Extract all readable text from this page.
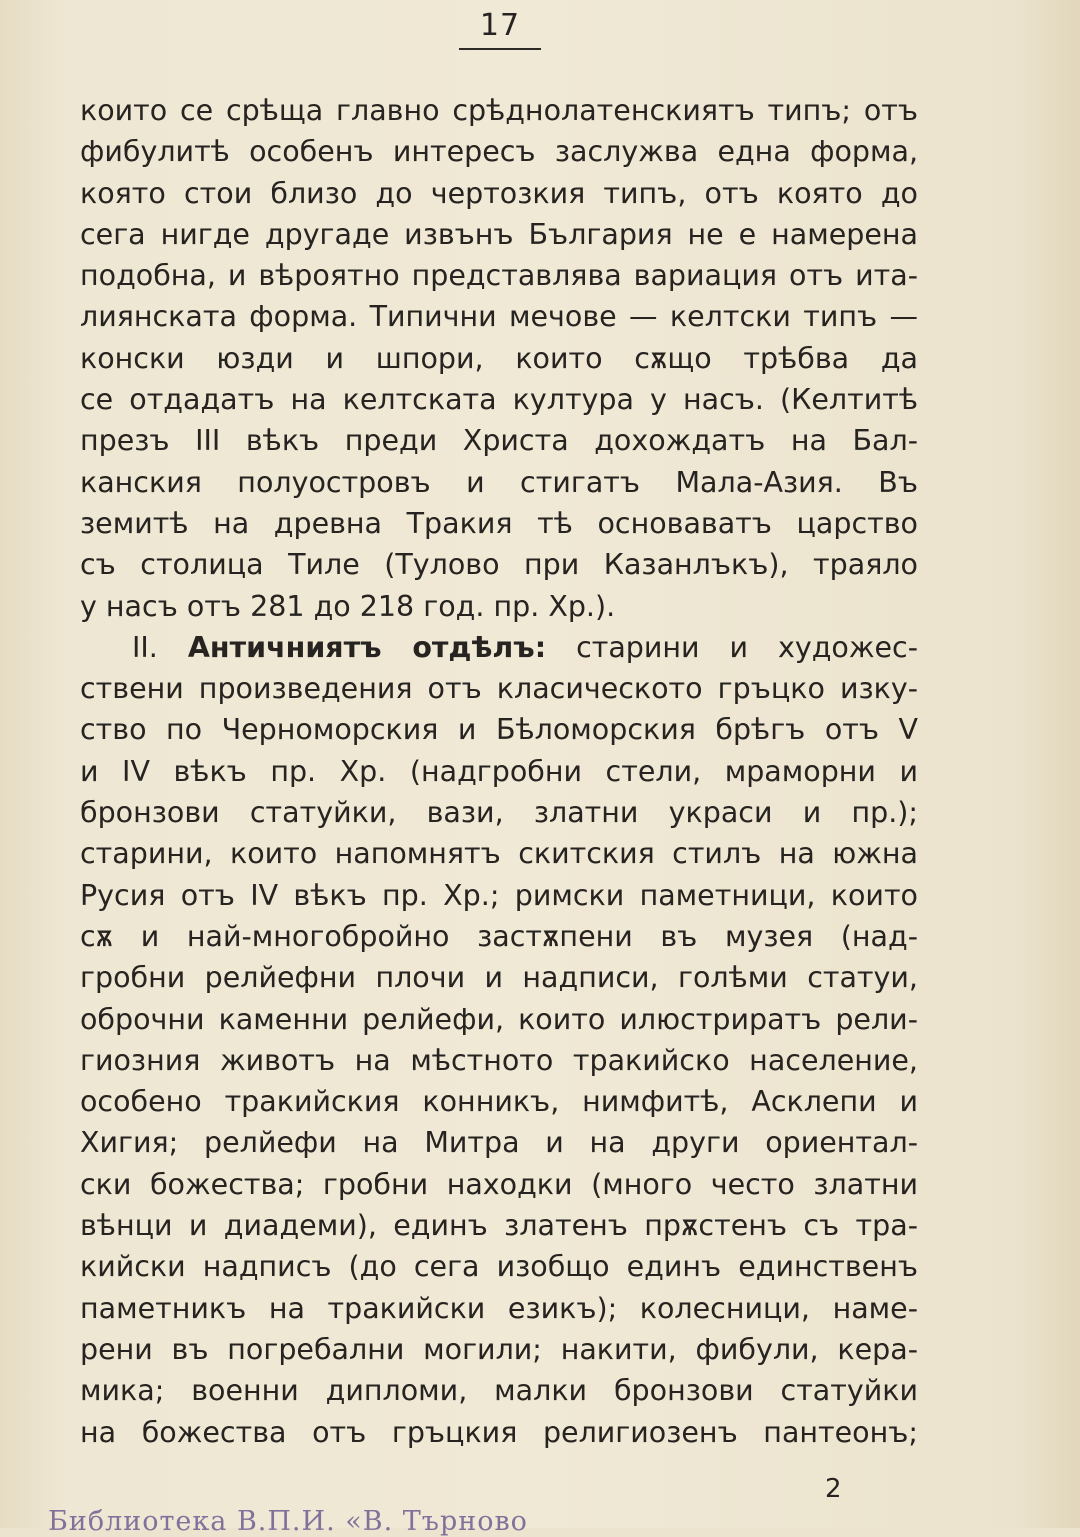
17
които се срѣща главно срѣднолатенскиятъ типъ; отъ
фибулитѣ особенъ интересъ заслужва една форма,
която стои близо до чертозкия типъ, отъ която до
сега нигде другаде извънъ България не е намерена
подобна, и вѣроятно представлява вариация отъ ита-
лиянската форма. Типични мечове — келтски типъ —
конски юзди и шпори, които сѫщо трѣбва да
се отдадатъ на келтската култура у насъ. (Келтитѣ
презъ III вѣкъ преди Христа дохождатъ на Бал-
канския полуостровъ и стигатъ Мала-Азия. Въ
земитѣ на древна Тракия тѣ основаватъ царство
съ столица Тиле (Тулово при Казанлъкъ), траяло
у насъ отъ 281 до 218 год. пр. Хр.).
II. Античниятъ отдѣлъ: старини и художес-
ствени произведения отъ класическото гръцко изку-
ство по Черноморския и Бѣломорския брѣгъ отъ V
и IV вѣкъ пр. Хр. (надгробни стели, мраморни и
бронзови статуйки, вази, златни украси и пр.);
старини, които напомнятъ скитския стилъ на южна
Русия отъ IV вѣкъ пр. Хр.; римски паметници, които
сѫ и най-многобройно застѫпени въ музея (над-
гробни релйефни плочи и надписи, голѣми статуи,
оброчни каменни релйефи, които илюстриратъ рели-
гиозния животъ на мѣстното тракийско население,
особено тракийския конникъ, нимфитѣ, Асклепи и
Хигия; релйефи на Митра и на други ориентал-
ски божества; гробни находки (много често златни
вѣнци и диадеми), единъ златенъ прѫстенъ съ тра-
кийски надписъ (до сега изобщо единъ единственъ
паметникъ на тракийски езикъ); колесници, наме-
рени въ погребални могили; накити, фибули, кера-
мика; военни дипломи, малки бронзови статуйки
на божества отъ гръцкия религиозенъ пантеонъ;
2
Библиотека В.П.И. «В. Търново
